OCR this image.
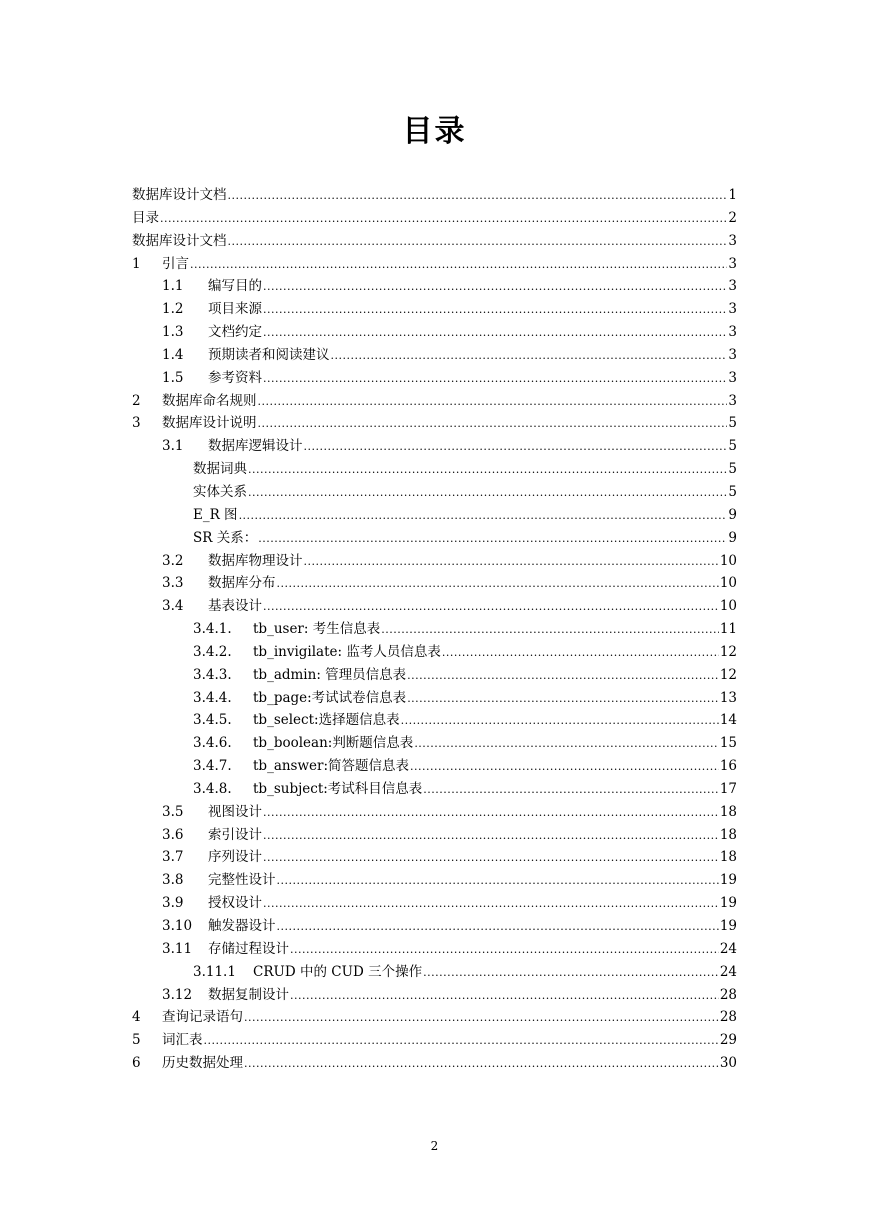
目录
数据库设计文档 .....	1
目录 .....	2
数据库设计文档 .....	3
1	引言 .....	3
1.1	编写目的 .....	3
1.2	项目来源 .....	3
1.3	文档约定 .....	3
1.4	预期读者和阅读建议 .....	3
1.5	参考资料 .....	3
2	数据库命名规则 .....	3
3	数据库设计说明 .....	5
3.1	数据库逻辑设计 .....	5
数据词典 .....	5
实体关系 .....	5
E_R 图 .....	9
SR 关系： .....	9
3.2	数据库物理设计 .....	10
3.3	数据库分布 .....	10
3.4	基表设计 .....	10
3.4.1.	tb_user: 考生信息表 .....	11
3.4.2.	tb_invigilate: 监考人员信息表 .....	12
3.4.3.	tb_admin: 管理员信息表 .....	12
3.4.4.	tb_page:考试试卷信息表 .....	13
3.4.5.	tb_select:选择题信息表 .....	14
3.4.6.	tb_boolean:判断题信息表 .....	15
3.4.7.	tb_answer:简答题信息表 .....	16
3.4.8.	tb_subject:考试科目信息表 .....	17
3.5	视图设计 .....	18
3.6	索引设计 .....	18
3.7	序列设计 .....	18
3.8	完整性设计 .....	19
3.9	授权设计 .....	19
3.10	触发器设计 .....	19
3.11	存储过程设计 .....	24
3.11.1	CRUD 中的 CUD 三个操作 .....	24
3.12	数据复制设计 .....	28
4	查询记录语句 .....	28
5	词汇表 .....	29
6	历史数据处理 .....	30
2
